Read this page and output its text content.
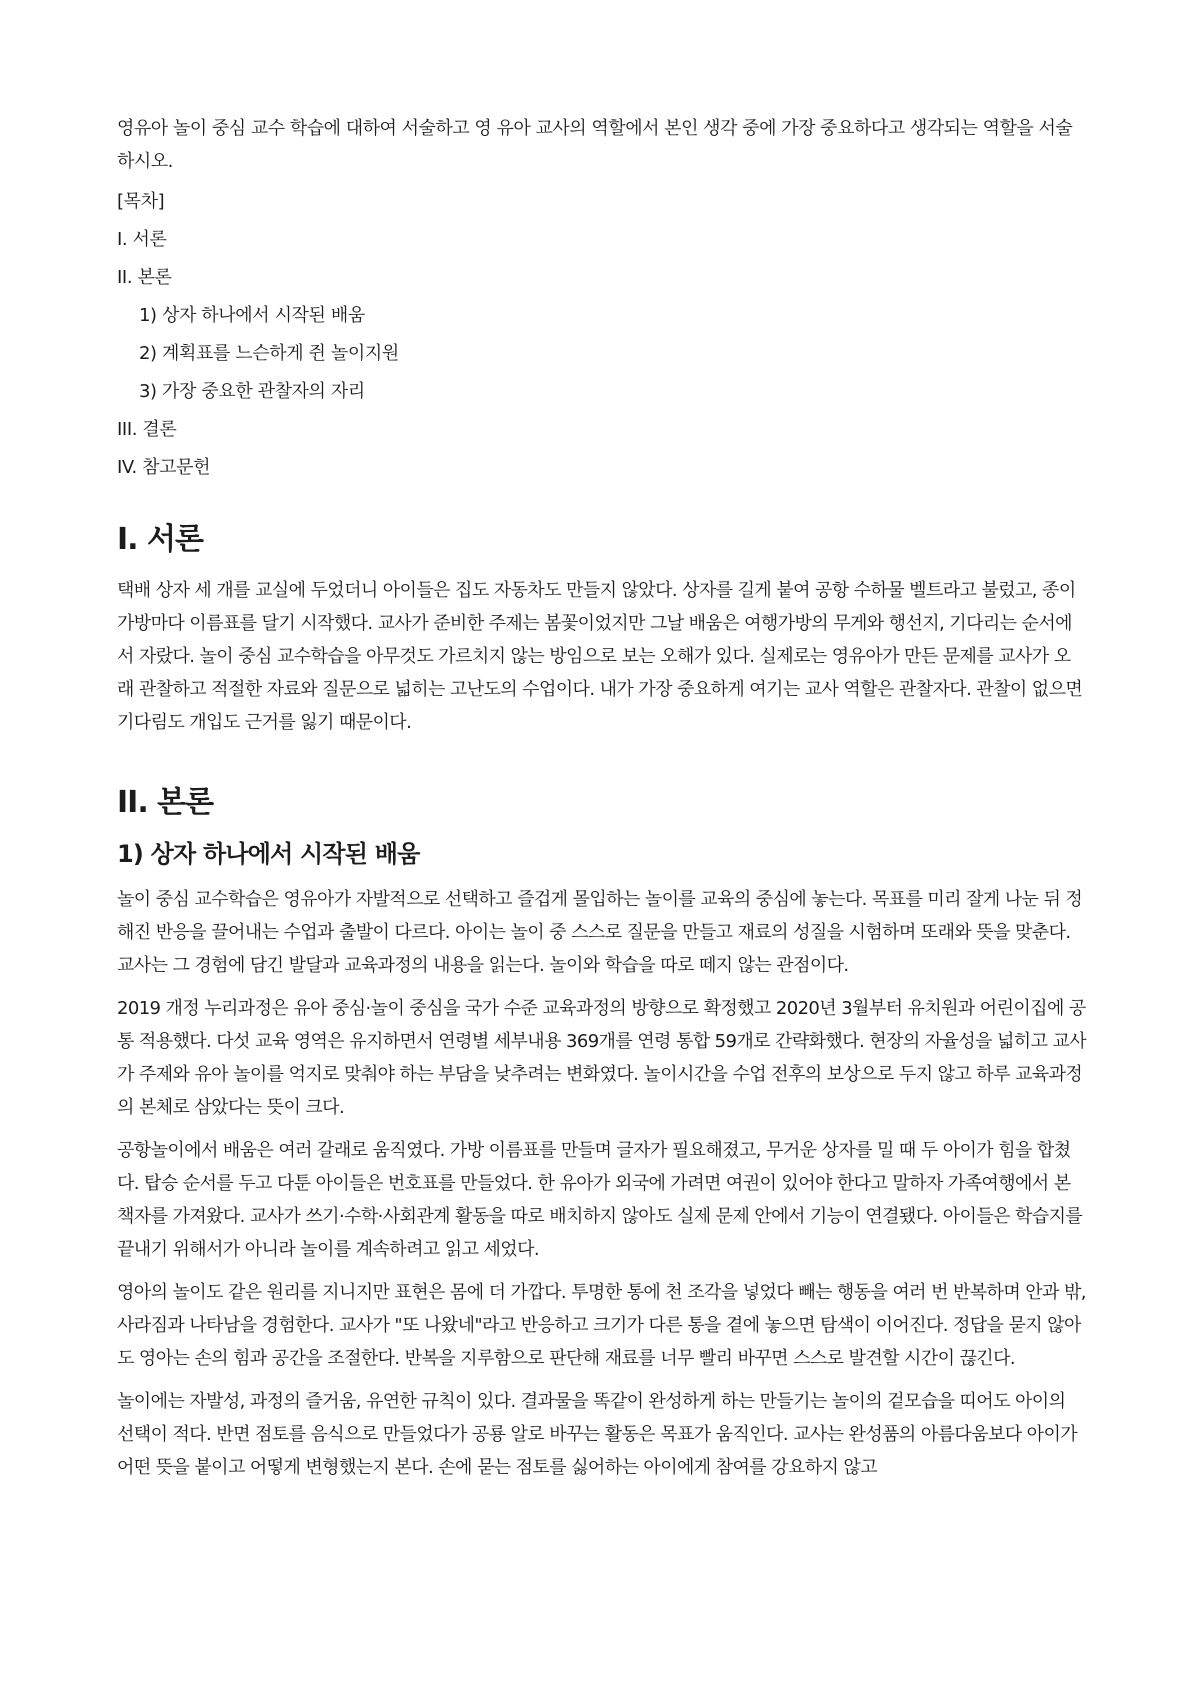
영유아 놀이 중심 교수 학습에 대하여 서술하고 영 유아 교사의 역할에서 본인 생각 중에 가장 중요하다고 생각되는 역할을 서술하시오.

[목차]
I. 서론
II. 본론
1) 상자 하나에서 시작된 배움
2) 계획표를 느슨하게 쥔 놀이지원
3) 가장 중요한 관찰자의 자리
III. 결론
IV. 참고문헌
I. 서론

택배 상자 세 개를 교실에 두었더니 아이들은 집도 자동차도 만들지 않았다. 상자를 길게 붙여 공항 수하물 벨트라고 불렀고, 종이 가방마다 이름표를 달기 시작했다. 교사가 준비한 주제는 봄꽃이었지만 그날 배움은 여행가방의 무게와 행선지, 기다리는 순서에서 자랐다. 놀이 중심 교수학습을 아무것도 가르치지 않는 방임으로 보는 오해가 있다. 실제로는 영유아가 만든 문제를 교사가 오래 관찰하고 적절한 자료와 질문으로 넓히는 고난도의 수업이다. 내가 가장 중요하게 여기는 교사 역할은 관찰자다. 관찰이 없으면 기다림도 개입도 근거를 잃기 때문이다.

II. 본론
1) 상자 하나에서 시작된 배움

놀이 중심 교수학습은 영유아가 자발적으로 선택하고 즐겁게 몰입하는 놀이를 교육의 중심에 놓는다. 목표를 미리 잘게 나눈 뒤 정해진 반응을 끌어내는 수업과 출발이 다르다. 아이는 놀이 중 스스로 질문을 만들고 재료의 성질을 시험하며 또래와 뜻을 맞춘다. 교사는 그 경험에 담긴 발달과 교육과정의 내용을 읽는다. 놀이와 학습을 따로 떼지 않는 관점이다.

2019 개정 누리과정은 유아 중심·놀이 중심을 국가 수준 교육과정의 방향으로 확정했고 2020년 3월부터 유치원과 어린이집에 공통 적용했다. 다섯 교육 영역은 유지하면서 연령별 세부내용 369개를 연령 통합 59개로 간략화했다. 현장의 자율성을 넓히고 교사가 주제와 유아 놀이를 억지로 맞춰야 하는 부담을 낮추려는 변화였다. 놀이시간을 수업 전후의 보상으로 두지 않고 하루 교육과정의 본체로 삼았다는 뜻이 크다.

공항놀이에서 배움은 여러 갈래로 움직였다. 가방 이름표를 만들며 글자가 필요해졌고, 무거운 상자를 밀 때 두 아이가 힘을 합쳤다. 탑승 순서를 두고 다툰 아이들은 번호표를 만들었다. 한 유아가 외국에 가려면 여권이 있어야 한다고 말하자 가족여행에서 본 책자를 가져왔다. 교사가 쓰기·수학·사회관계 활동을 따로 배치하지 않아도 실제 문제 안에서 기능이 연결됐다. 아이들은 학습지를 끝내기 위해서가 아니라 놀이를 계속하려고 읽고 세었다.

영아의 놀이도 같은 원리를 지니지만 표현은 몸에 더 가깝다. 투명한 통에 천 조각을 넣었다 빼는 행동을 여러 번 반복하며 안과 밖, 사라짐과 나타남을 경험한다. 교사가 "또 나왔네"라고 반응하고 크기가 다른 통을 곁에 놓으면 탐색이 이어진다. 정답을 묻지 않아도 영아는 손의 힘과 공간을 조절한다. 반복을 지루함으로 판단해 재료를 너무 빨리 바꾸면 스스로 발견할 시간이 끊긴다.

놀이에는 자발성, 과정의 즐거움, 유연한 규칙이 있다. 결과물을 똑같이 완성하게 하는 만들기는 놀이의 겉모습을 띠어도 아이의 선택이 적다. 반면 점토를 음식으로 만들었다가 공룡 알로 바꾸는 활동은 목표가 움직인다. 교사는 완성품의 아름다움보다 아이가 어떤 뜻을 붙이고 어떻게 변형했는지 본다. 손에 묻는 점토를 싫어하는 아이에게 참여를 강요하지 않고
